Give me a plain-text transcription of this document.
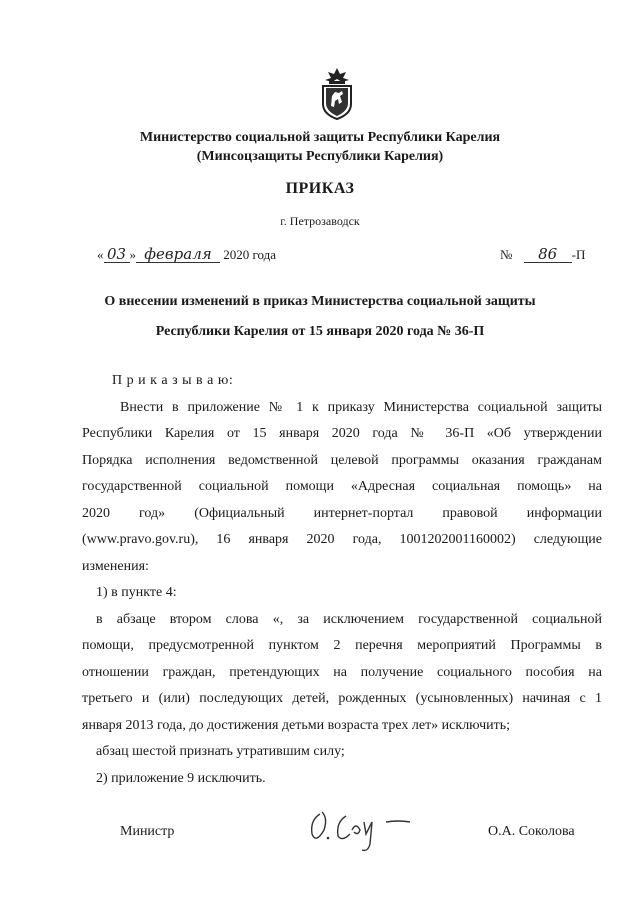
Министерство социальной защиты Республики Карелия
(Минсоцзащиты Республики Карелия)
ПРИКАЗ
г. Петрозаводск
« 03 » февраля 2020 года	№ 86 -П
О внесении изменений в приказ Министерства социальной защиты
Республики Карелия от 15 января 2020 года № 36-П
П р и к а з ы в а ю:
Внести в приложение № 1 к приказу Министерства социальной защиты
Республики Карелия от 15 января 2020 года № 36-П «Об утверждении
Порядка исполнения ведомственной целевой программы оказания гражданам
государственной социальной помощи «Адресная социальная помощь» на
2020 год» (Официальный интернет-портал правовой информации
(www.pravo.gov.ru), 16 января 2020 года, 1001202001160002) следующие
изменения:
1) в пункте 4:
в абзаце втором слова «, за исключением государственной социальной
помощи, предусмотренной пунктом 2 перечня мероприятий Программы в
отношении граждан, претендующих на получение социального пособия на
третьего и (или) последующих детей, рожденных (усыновленных) начиная с 1
января 2013 года, до достижения детьми возраста трех лет» исключить;
абзац шестой признать утратившим силу;
2) приложение 9 исключить.
Министр	О.А. Соколова
